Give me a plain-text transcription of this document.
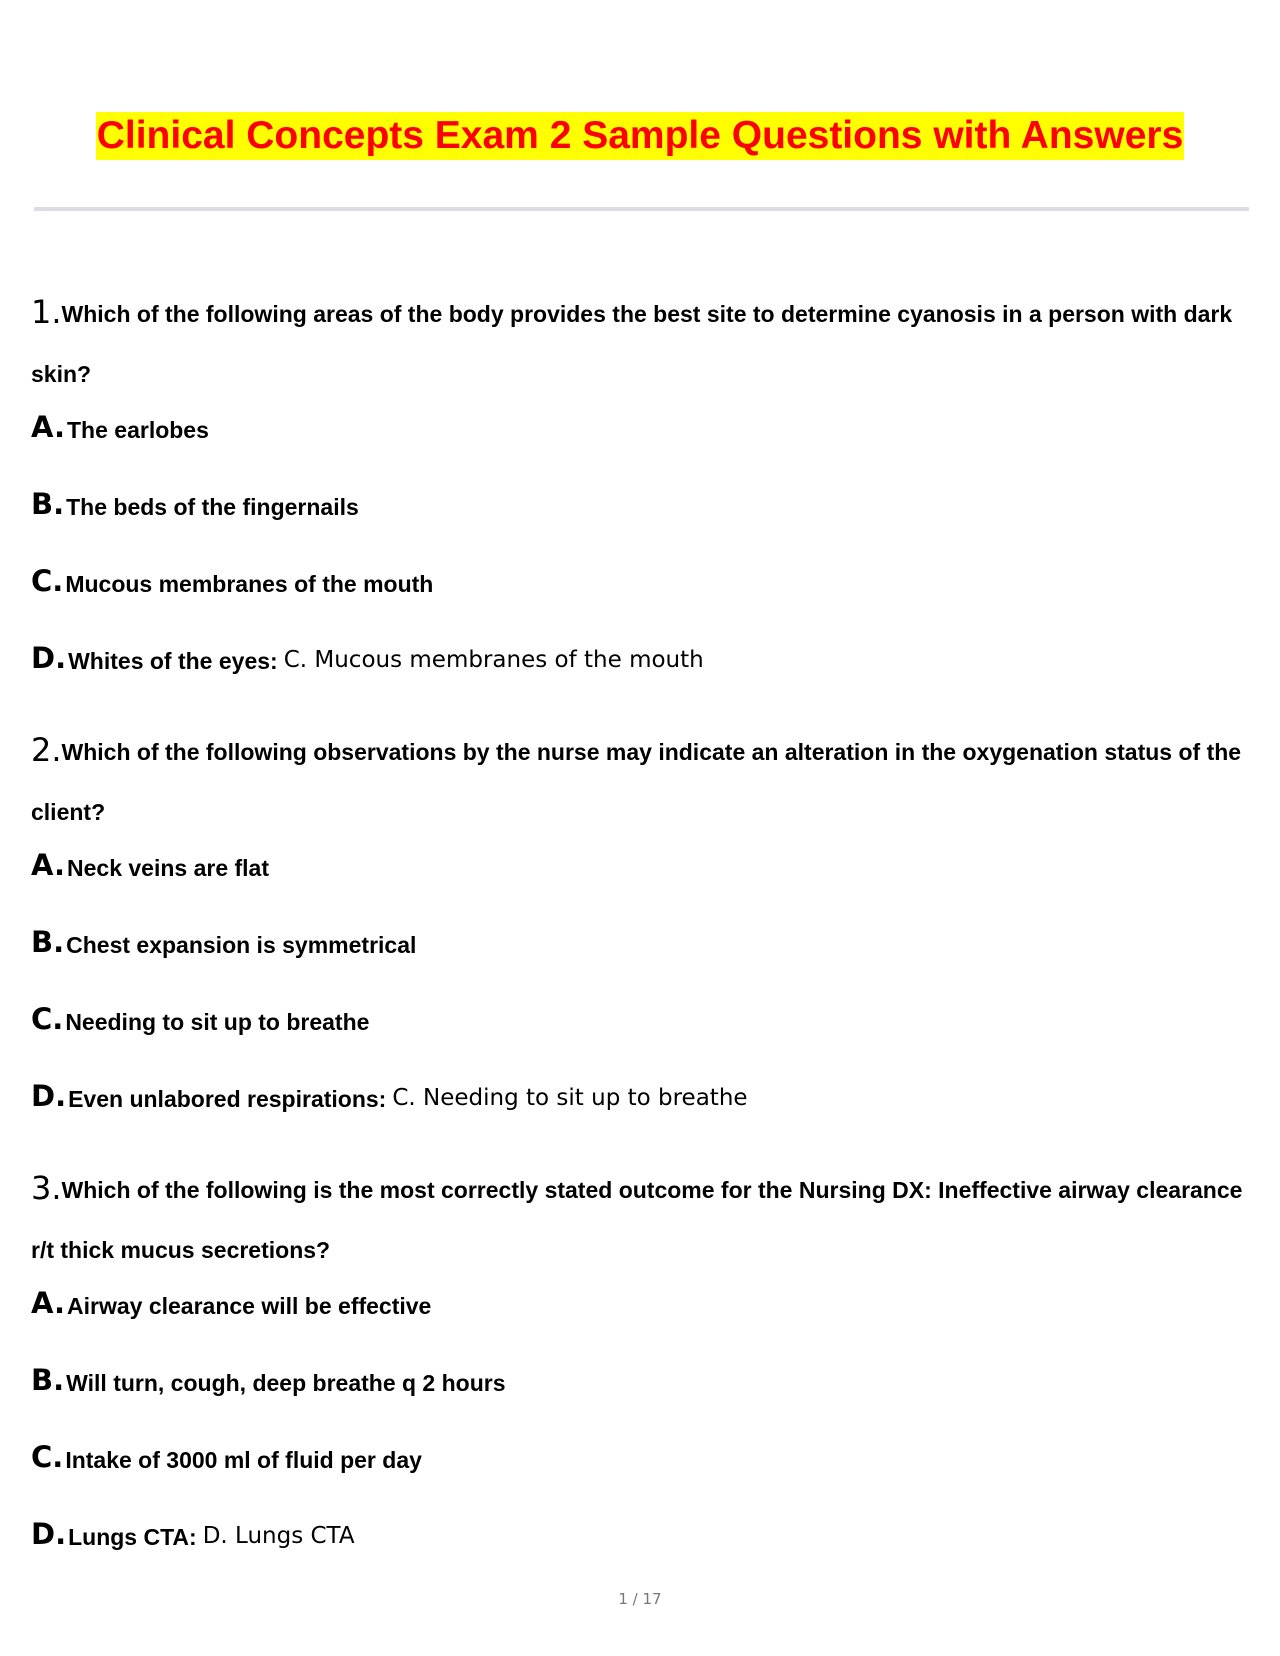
Clinical Concepts Exam 2 Sample Questions with Answers
1.Which of the following areas of the body provides the best site to determine cyanosis in a person with dark skin?
A. The earlobes
B. The beds of the fingernails
C. Mucous membranes of the mouth
D. Whites of the eyes: C. Mucous membranes of the mouth
2.Which of the following observations by the nurse may indicate an alteration in the oxygenation status of the client?
A. Neck veins are flat
B. Chest expansion is symmetrical
C. Needing to sit up to breathe
D. Even unlabored respirations: C. Needing to sit up to breathe
3.Which of the following is the most correctly stated outcome for the Nursing DX: Ineffective airway clearance r/t thick mucus secretions?
A. Airway clearance will be effective
B. Will turn, cough, deep breathe q 2 hours
C. Intake of 3000 ml of fluid per day
D. Lungs CTA: D. Lungs CTA
1 / 17
